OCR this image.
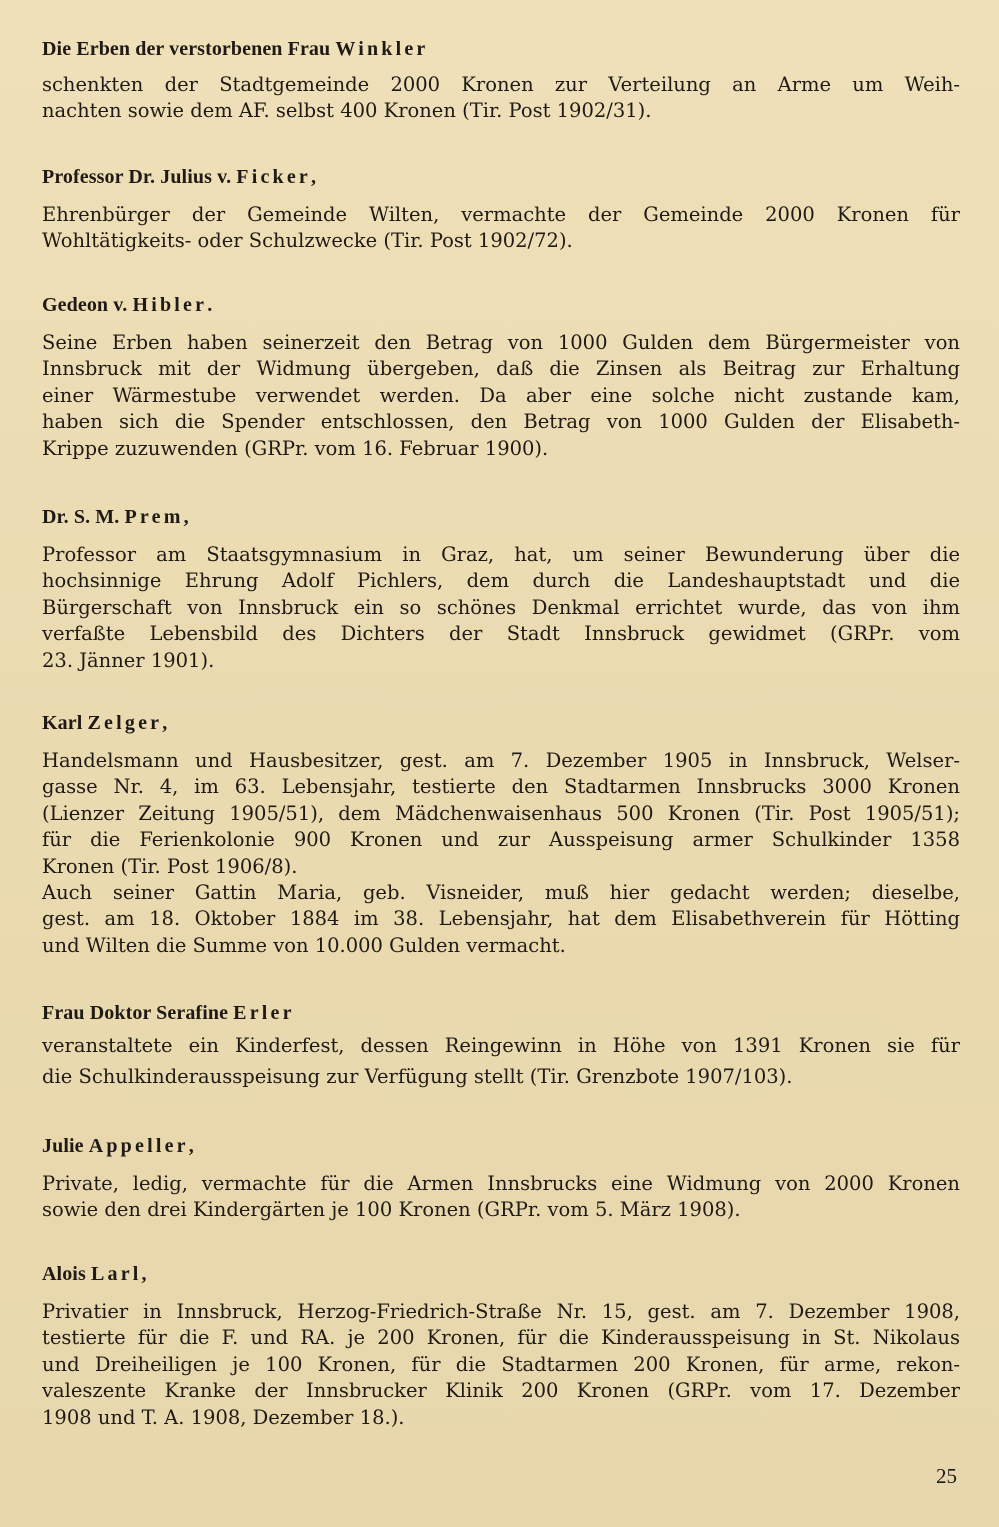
Die Erben der verstorbenen Frau Winkler
schenkten der Stadtgemeinde 2000 Kronen zur Verteilung an Arme um Weih-
nachten sowie dem AF. selbst 400 Kronen (Tir. Post 1902/31).
Professor Dr. Julius v. Ficker,
Ehrenbürger der Gemeinde Wilten, vermachte der Gemeinde 2000 Kronen für
Wohltätigkeits- oder Schulzwecke (Tir. Post 1902/72).
Gedeon v. Hibler.
Seine Erben haben seinerzeit den Betrag von 1000 Gulden dem Bürgermeister von
Innsbruck mit der Widmung übergeben, daß die Zinsen als Beitrag zur Erhaltung
einer Wärmestube verwendet werden. Da aber eine solche nicht zustande kam,
haben sich die Spender entschlossen, den Betrag von 1000 Gulden der Elisabeth-
Krippe zuzuwenden (GRPr. vom 16. Februar 1900).
Dr. S. M. Prem,
Professor am Staatsgymnasium in Graz, hat, um seiner Bewunderung über die
hochsinnige Ehrung Adolf Pichlers, dem durch die Landeshauptstadt und die
Bürgerschaft von Innsbruck ein so schönes Denkmal errichtet wurde, das von ihm
verfaßte Lebensbild des Dichters der Stadt Innsbruck gewidmet (GRPr. vom
23. Jänner 1901).
Karl Zelger,
Handelsmann und Hausbesitzer, gest. am 7. Dezember 1905 in Innsbruck, Welser-
gasse Nr. 4, im 63. Lebensjahr, testierte den Stadtarmen Innsbrucks 3000 Kronen
(Lienzer Zeitung 1905/51), dem Mädchenwaisenhaus 500 Kronen (Tir. Post 1905/51);
für die Ferienkolonie 900 Kronen und zur Ausspeisung armer Schulkinder 1358
Kronen (Tir. Post 1906/8).
Auch seiner Gattin Maria, geb. Visneider, muß hier gedacht werden; dieselbe,
gest. am 18. Oktober 1884 im 38. Lebensjahr, hat dem Elisabethverein für Hötting
und Wilten die Summe von 10.000 Gulden vermacht.
Frau Doktor Serafine Erler
veranstaltete ein Kinderfest, dessen Reingewinn in Höhe von 1391 Kronen sie für
die Schulkinderausspeisung zur Verfügung stellt (Tir. Grenzbote 1907/103).
Julie Appeller,
Private, ledig, vermachte für die Armen Innsbrucks eine Widmung von 2000 Kronen
sowie den drei Kindergärten je 100 Kronen (GRPr. vom 5. März 1908).
Alois Larl,
Privatier in Innsbruck, Herzog-Friedrich-Straße Nr. 15, gest. am 7. Dezember 1908,
testierte für die F. und RA. je 200 Kronen, für die Kinderausspeisung in St. Nikolaus
und Dreiheiligen je 100 Kronen, für die Stadtarmen 200 Kronen, für arme, rekon-
valeszente Kranke der Innsbrucker Klinik 200 Kronen (GRPr. vom 17. Dezember
1908 und T. A. 1908, Dezember 18.).
25
